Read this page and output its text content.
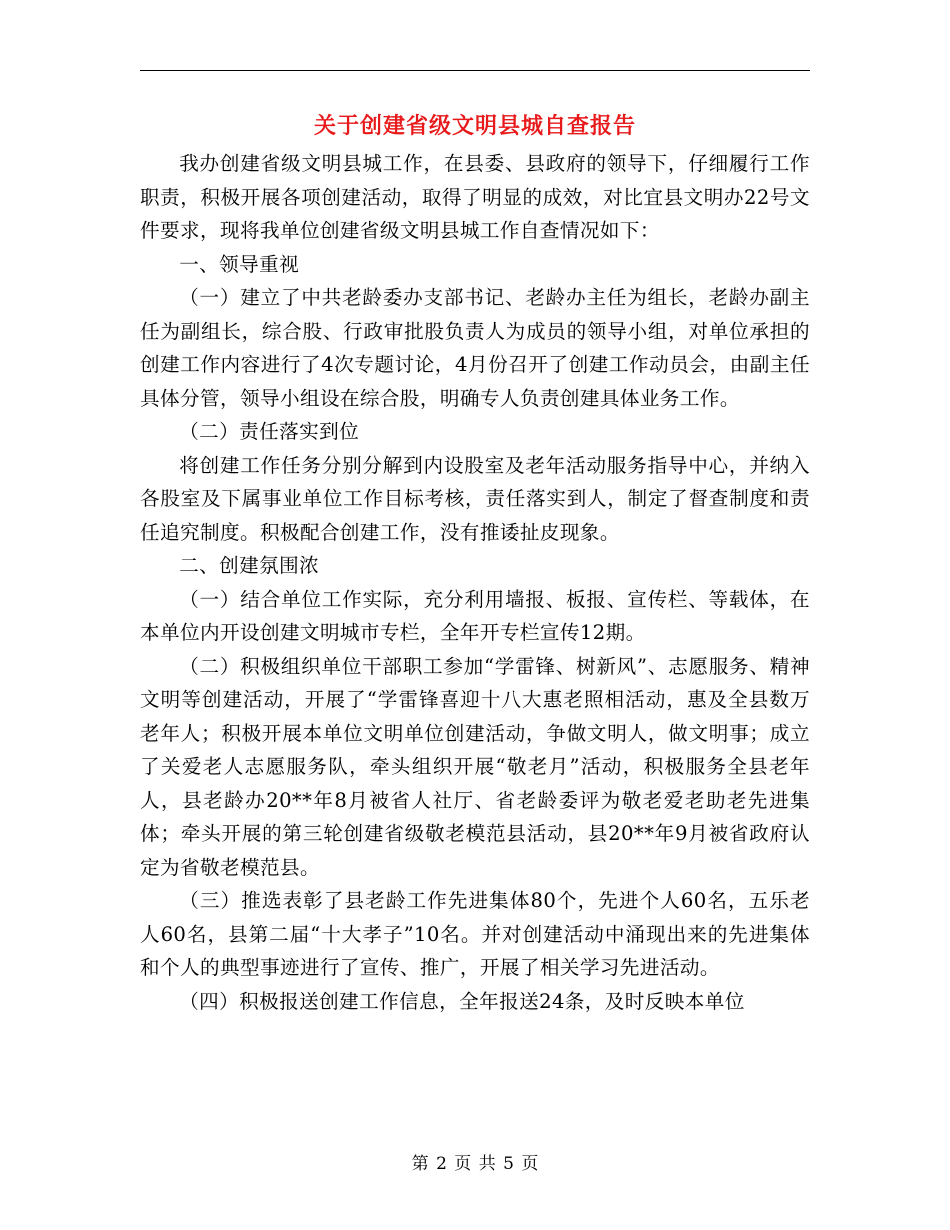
关于创建省级文明县城自查报告

我办创建省级文明县城工作，在县委、县政府的领导下，仔细履行工作职责，积极开展各项创建活动，取得了明显的成效，对比宜县文明办22号文件要求，现将我单位创建省级文明县城工作自查情况如下：

一、领导重视

（一）建立了中共老龄委办支部书记、老龄办主任为组长，老龄办副主任为副组长，综合股、行政审批股负责人为成员的领导小组，对单位承担的创建工作内容进行了4次专题讨论，4月份召开了创建工作动员会，由副主任具体分管，领导小组设在综合股，明确专人负责创建具体业务工作。

（二）责任落实到位

将创建工作任务分别分解到内设股室及老年活动服务指导中心，并纳入各股室及下属事业单位工作目标考核，责任落实到人，制定了督查制度和责任追究制度。积极配合创建工作，没有推诿扯皮现象。

二、创建氛围浓

（一）结合单位工作实际，充分利用墙报、板报、宣传栏、等载体，在本单位内开设创建文明城市专栏，全年开专栏宣传12期。

（二）积极组织单位干部职工参加“学雷锋、树新风”、志愿服务、精神文明等创建活动，开展了“学雷锋喜迎十八大惠老照相活动，惠及全县数万老年人；积极开展本单位文明单位创建活动，争做文明人，做文明事；成立了关爱老人志愿服务队，牵头组织开展“敬老月”活动，积极服务全县老年人，县老龄办20**年8月被省人社厅、省老龄委评为敬老爱老助老先进集体；牵头开展的第三轮创建省级敬老模范县活动，县20**年9月被省政府认定为省敬老模范县。

（三）推选表彰了县老龄工作先进集体80个，先进个人60名，五乐老人60名，县第二届“十大孝子”10名。并对创建活动中涌现出来的先进集体和个人的典型事迹进行了宣传、推广，开展了相关学习先进活动。

（四）积极报送创建工作信息，全年报送24条，及时反映本单位

第 2 页 共 5 页
